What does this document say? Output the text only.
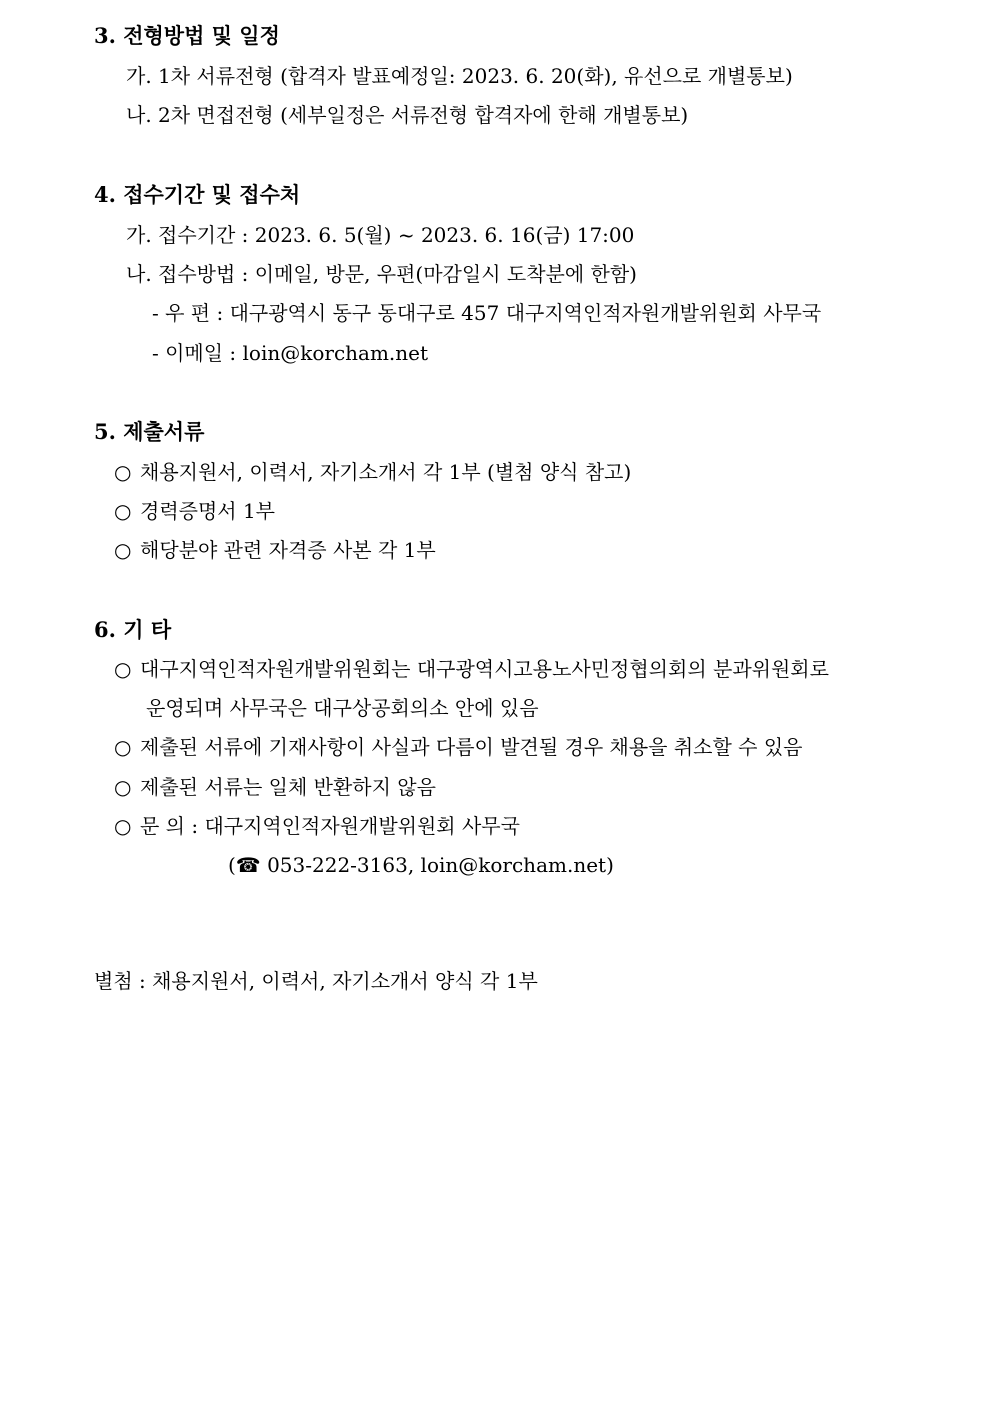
3. 전형방법 및 일정
가. 1차 서류전형 (합격자 발표예정일: 2023. 6. 20(화), 유선으로 개별통보)
나. 2차 면접전형 (세부일정은 서류전형 합격자에 한해 개별통보)
4. 접수기간 및 접수처
가. 접수기간 : 2023. 6. 5(월) ~ 2023. 6. 16(금) 17:00
나. 접수방법 : 이메일, 방문, 우편(마감일시 도착분에 한함)
- 우 편 : 대구광역시 동구 동대구로 457 대구지역인적자원개발위원회 사무국
- 이메일 : loin@korcham.net
5. 제출서류
○ 채용지원서, 이력서, 자기소개서 각 1부 (별첨 양식 참고)
○ 경력증명서 1부
○ 해당분야 관련 자격증 사본 각 1부
6. 기 타
○ 대구지역인적자원개발위원회는 대구광역시고용노사민정협의회의 분과위원회로
운영되며 사무국은 대구상공회의소 안에 있음
○ 제출된 서류에 기재사항이 사실과 다름이 발견될 경우 채용을 취소할 수 있음
○ 제출된 서류는 일체 반환하지 않음
○ 문 의 : 대구지역인적자원개발위원회 사무국
(☎ 053-222-3163, loin@korcham.net)
별첨 : 채용지원서, 이력서, 자기소개서 양식 각 1부
